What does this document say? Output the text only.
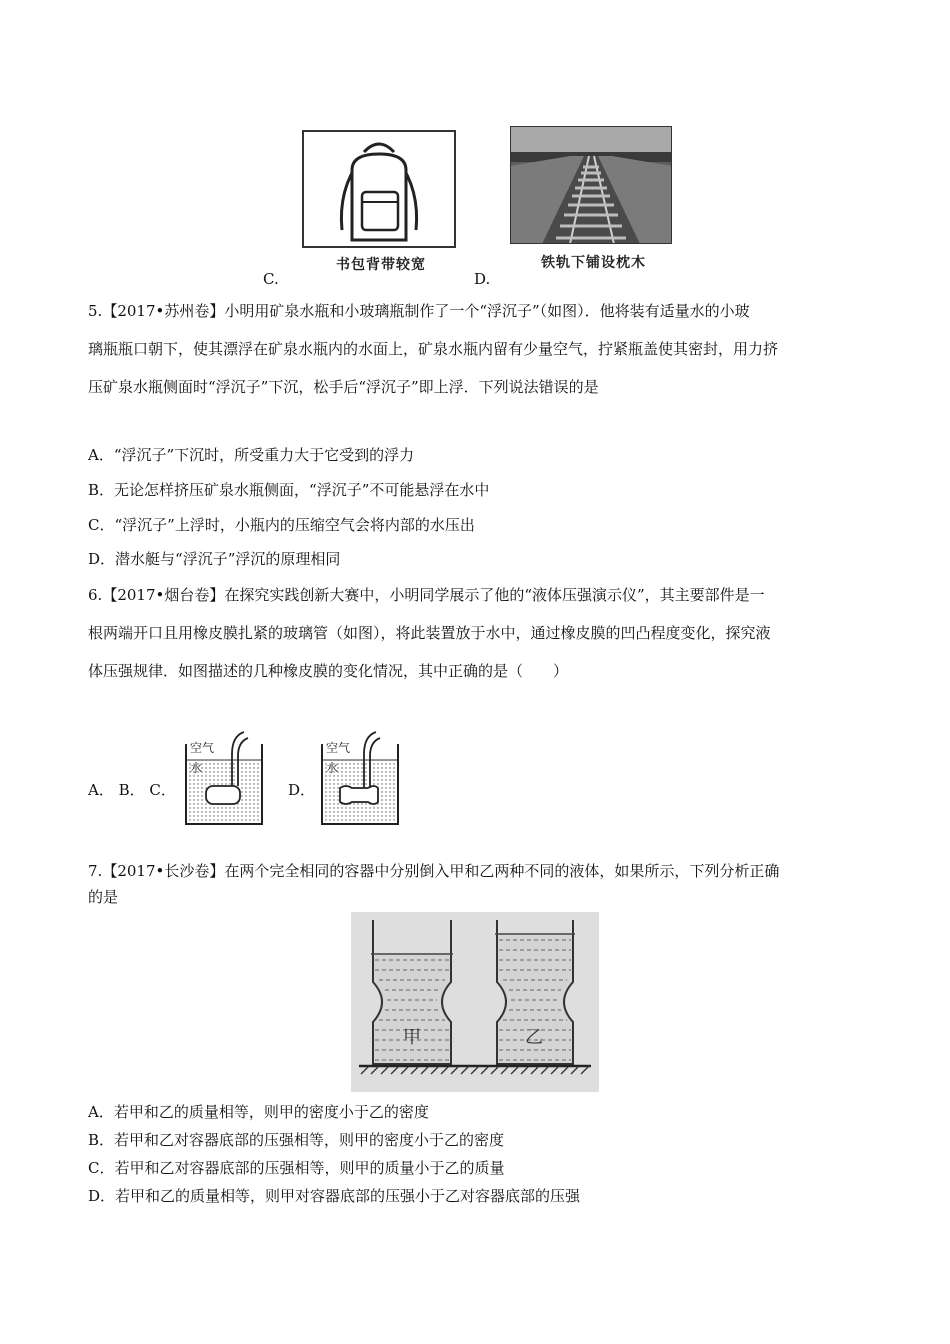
书包背带较宽
C.
铁轨下铺设枕木
D.
5.【2017•苏州卷】小明用矿泉水瓶和小玻璃瓶制作了一个“浮沉子”（如图）．他将装有适量水的小玻
璃瓶瓶口朝下，使其漂浮在矿泉水瓶内的水面上，矿泉水瓶内留有少量空气，拧紧瓶盖使其密封，用力挤
压矿泉水瓶侧面时“浮沉子”下沉，松手后“浮沉子”即上浮．下列说法错误的是
A．“浮沉子”下沉时，所受重力大于它受到的浮力
B．无论怎样挤压矿泉水瓶侧面，“浮沉子”不可能悬浮在水中
C．“浮沉子”上浮时，小瓶内的压缩空气会将内部的水压出
D．潜水艇与“浮沉子”浮沉的原理相同
6.【2017•烟台卷】在探究实践创新大赛中，小明同学展示了他的“液体压强演示仪”，其主要部件是一
根两端开口且用橡皮膜扎紧的玻璃管（如图），将此装置放于水中，通过橡皮膜的凹凸程度变化，探究液
体压强规律．如图描述的几种橡皮膜的变化情况，其中正确的是（　　）
A． B． C．
空气
水
D．
空气
水
7.【2017•长沙卷】在两个完全相同的容器中分别倒入甲和乙两种不同的液体，如果所示，下列分析正确
的是
甲	乙
A．若甲和乙的质量相等，则甲的密度小于乙的密度
B．若甲和乙对容器底部的压强相等，则甲的密度小于乙的密度
C．若甲和乙对容器底部的压强相等，则甲的质量小于乙的质量
D．若甲和乙的质量相等，则甲对容器底部的压强小于乙对容器底部的压强
